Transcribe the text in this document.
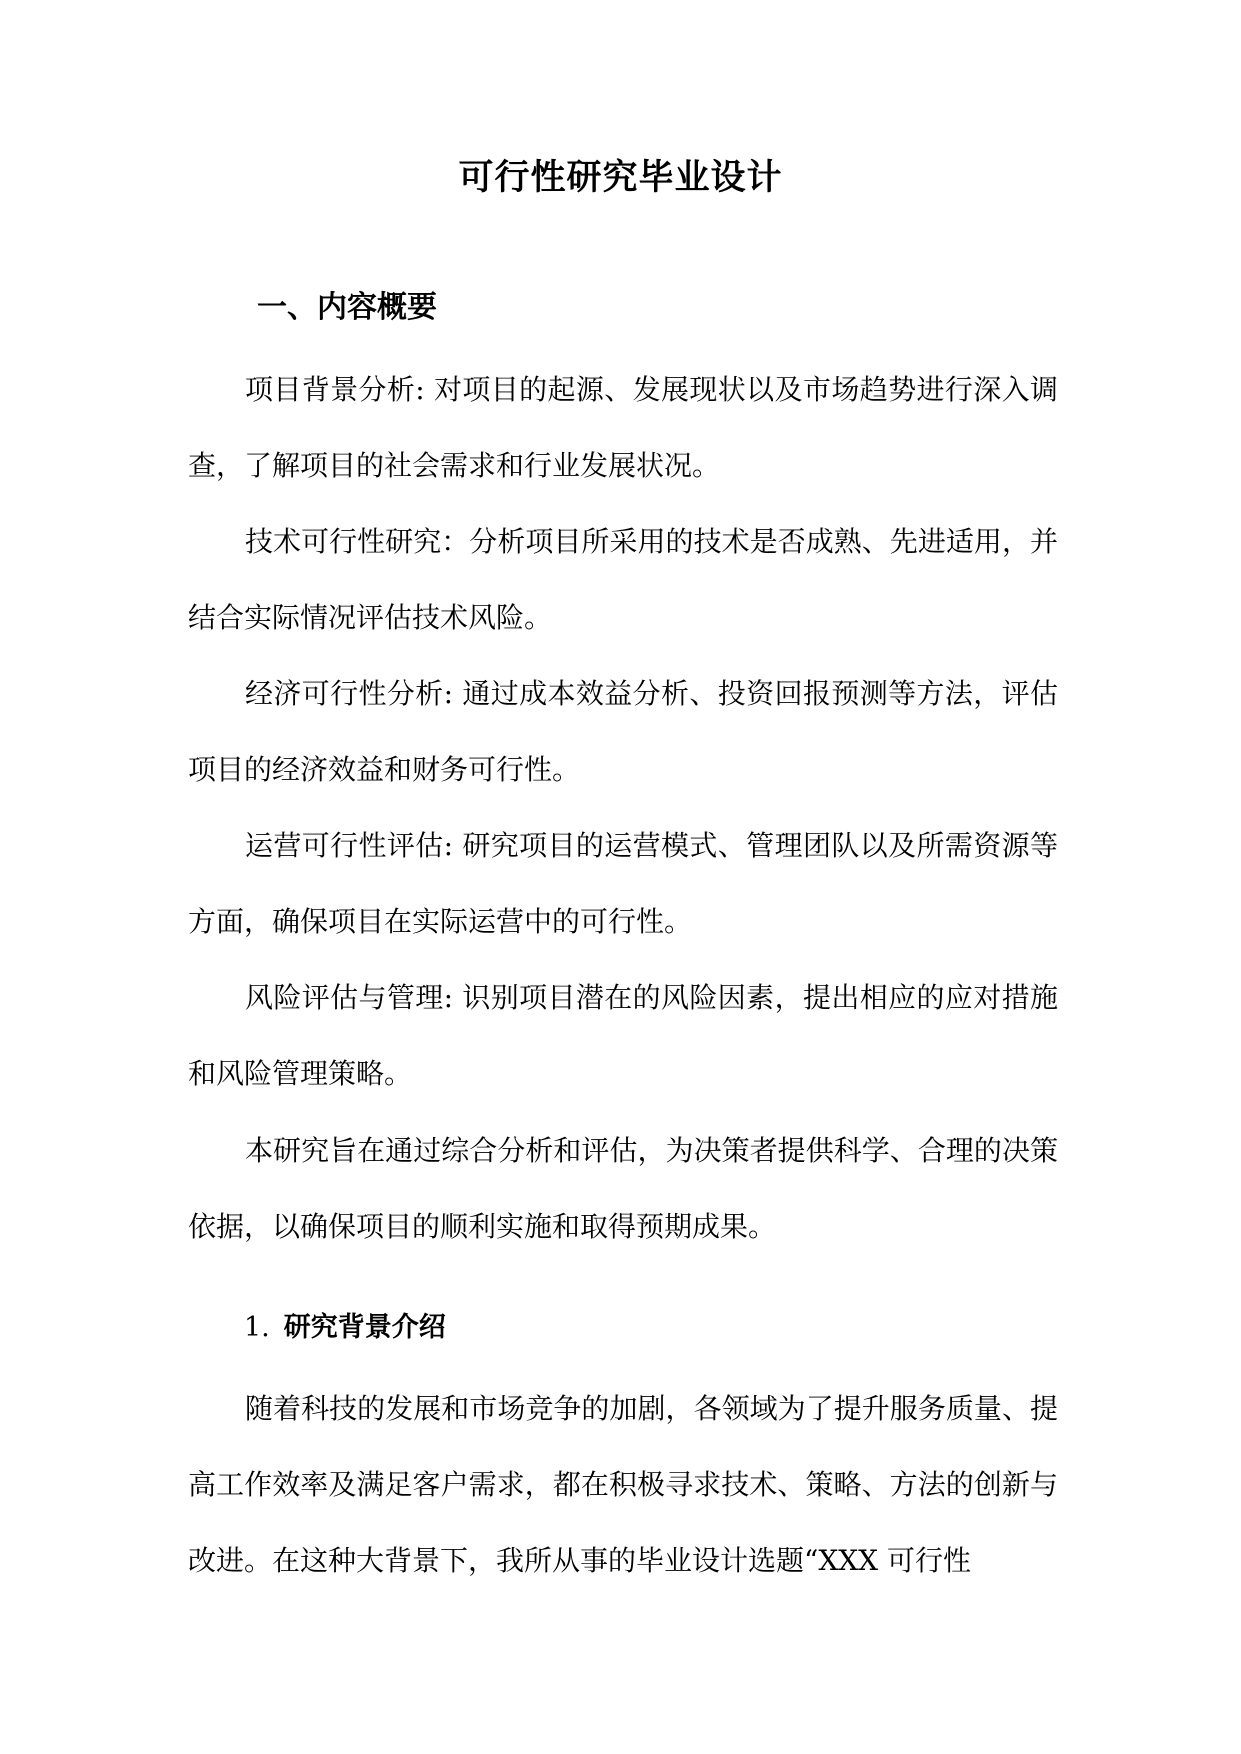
可行性研究毕业设计
一、内容概要

项目背景分析: 对项目的起源、发展现状以及市场趋势进行深入调查，了解项目的社会需求和行业发展状况。

技术可行性研究：分析项目所采用的技术是否成熟、先进适用，并结合实际情况评估技术风险。

经济可行性分析: 通过成本效益分析、投资回报预测等方法，评估项目的经济效益和财务可行性。

运营可行性评估: 研究项目的运营模式、管理团队以及所需资源等方面，确保项目在实际运营中的可行性。

风险评估与管理: 识别项目潜在的风险因素，提出相应的应对措施和风险管理策略。

本研究旨在通过综合分析和评估，为决策者提供科学、合理的决策依据，以确保项目的顺利实施和取得预期成果。

1. 研究背景介绍

随着科技的发展和市场竞争的加剧，各领域为了提升服务质量、提高工作效率及满足客户需求，都在积极寻求技术、策略、方法的创新与改进。在这种大背景下，我所从事的毕业设计选题“XXX 可行性
